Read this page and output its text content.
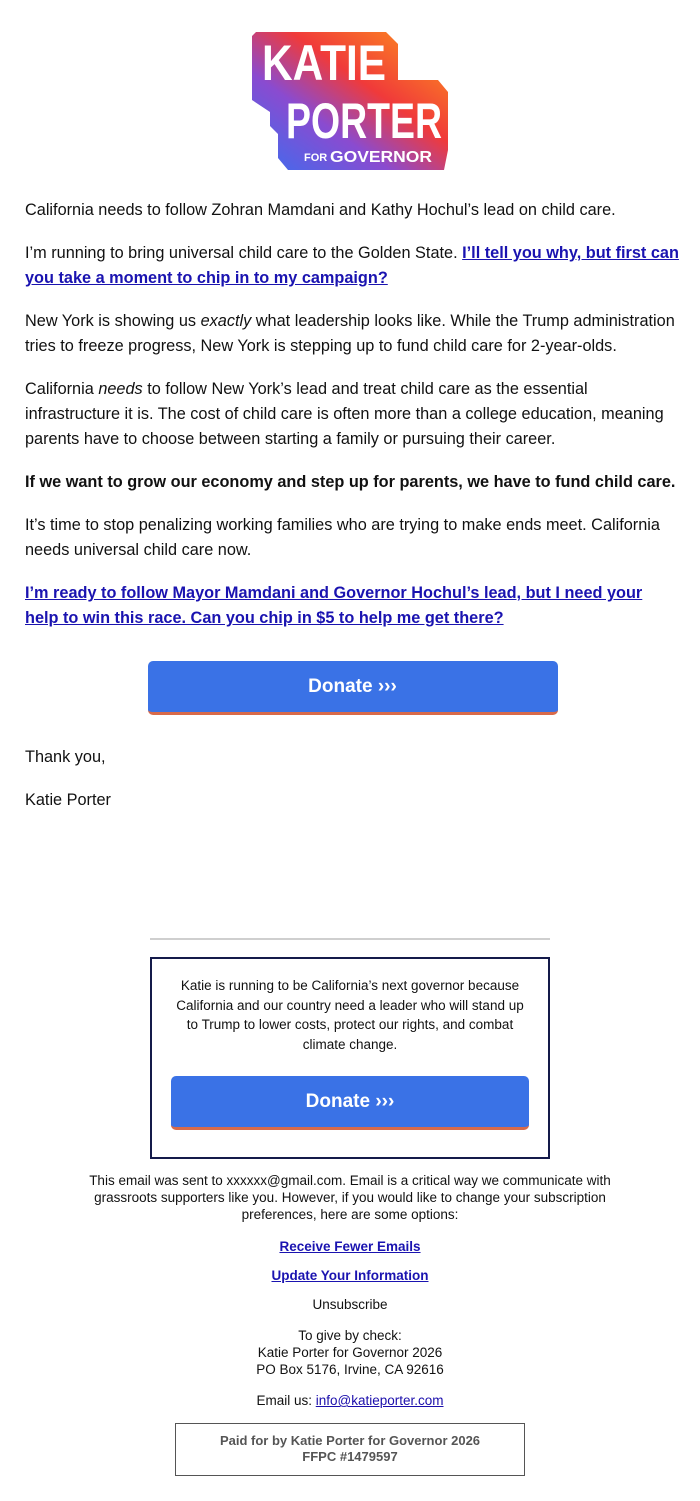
KATIE
PORTER
FOR GOVERNOR

California needs to follow Zohran Mamdani and Kathy Hochul’s lead on child care.

I’m running to bring universal child care to the Golden State. I’ll tell you why, but first can you take a moment to chip in to my campaign?

New York is showing us exactly what leadership looks like. While the Trump administration tries to freeze progress, New York is stepping up to fund child care for 2-year-olds.

California needs to follow New York’s lead and treat child care as the essential infrastructure it is. The cost of child care is often more than a college education, meaning parents have to choose between starting a family or pursuing their career.

If we want to grow our economy and step up for parents, we have to fund child care.

It’s time to stop penalizing working families who are trying to make ends meet. California needs universal child care now.

I’m ready to follow Mayor Mamdani and Governor Hochul’s lead, but I need your help to win this race. Can you chip in $5 to help me get there?

Donate ›››

Thank you,

Katie Porter

Katie is running to be California’s next governor because California and our country need a leader who will stand up to Trump to lower costs, protect our rights, and combat climate change.

Donate ›››

This email was sent to xxxxxx@gmail.com. Email is a critical way we communicate with grassroots supporters like you. However, if you would like to change your subscription preferences, here are some options:

Receive Fewer Emails

Update Your Information

Unsubscribe

To give by check:
Katie Porter for Governor 2026
PO Box 5176, Irvine, CA 92616

Email us: info@katieporter.com

Paid for by Katie Porter for Governor 2026
FFPC #1479597
